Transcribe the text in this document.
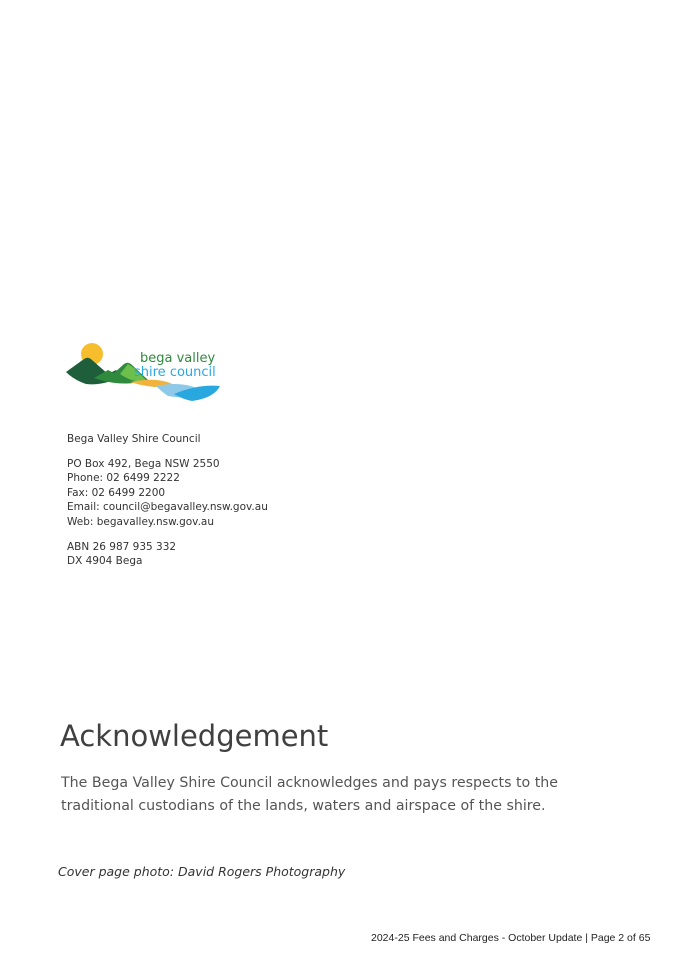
bega valley
shire council

Bega Valley Shire Council

PO Box 492, Bega NSW 2550
Phone: 02 6499 2222
Fax: 02 6499 2200
Email: council@begavalley.nsw.gov.au
Web: begavalley.nsw.gov.au

ABN 26 987 935 332
DX 4904 Bega

Acknowledgement

The Bega Valley Shire Council acknowledges and pays respects to the traditional custodians of the lands, waters and airspace of the shire.

Cover page photo: David Rogers Photography

2024-25 Fees and Charges - October Update | Page 2 of 65
